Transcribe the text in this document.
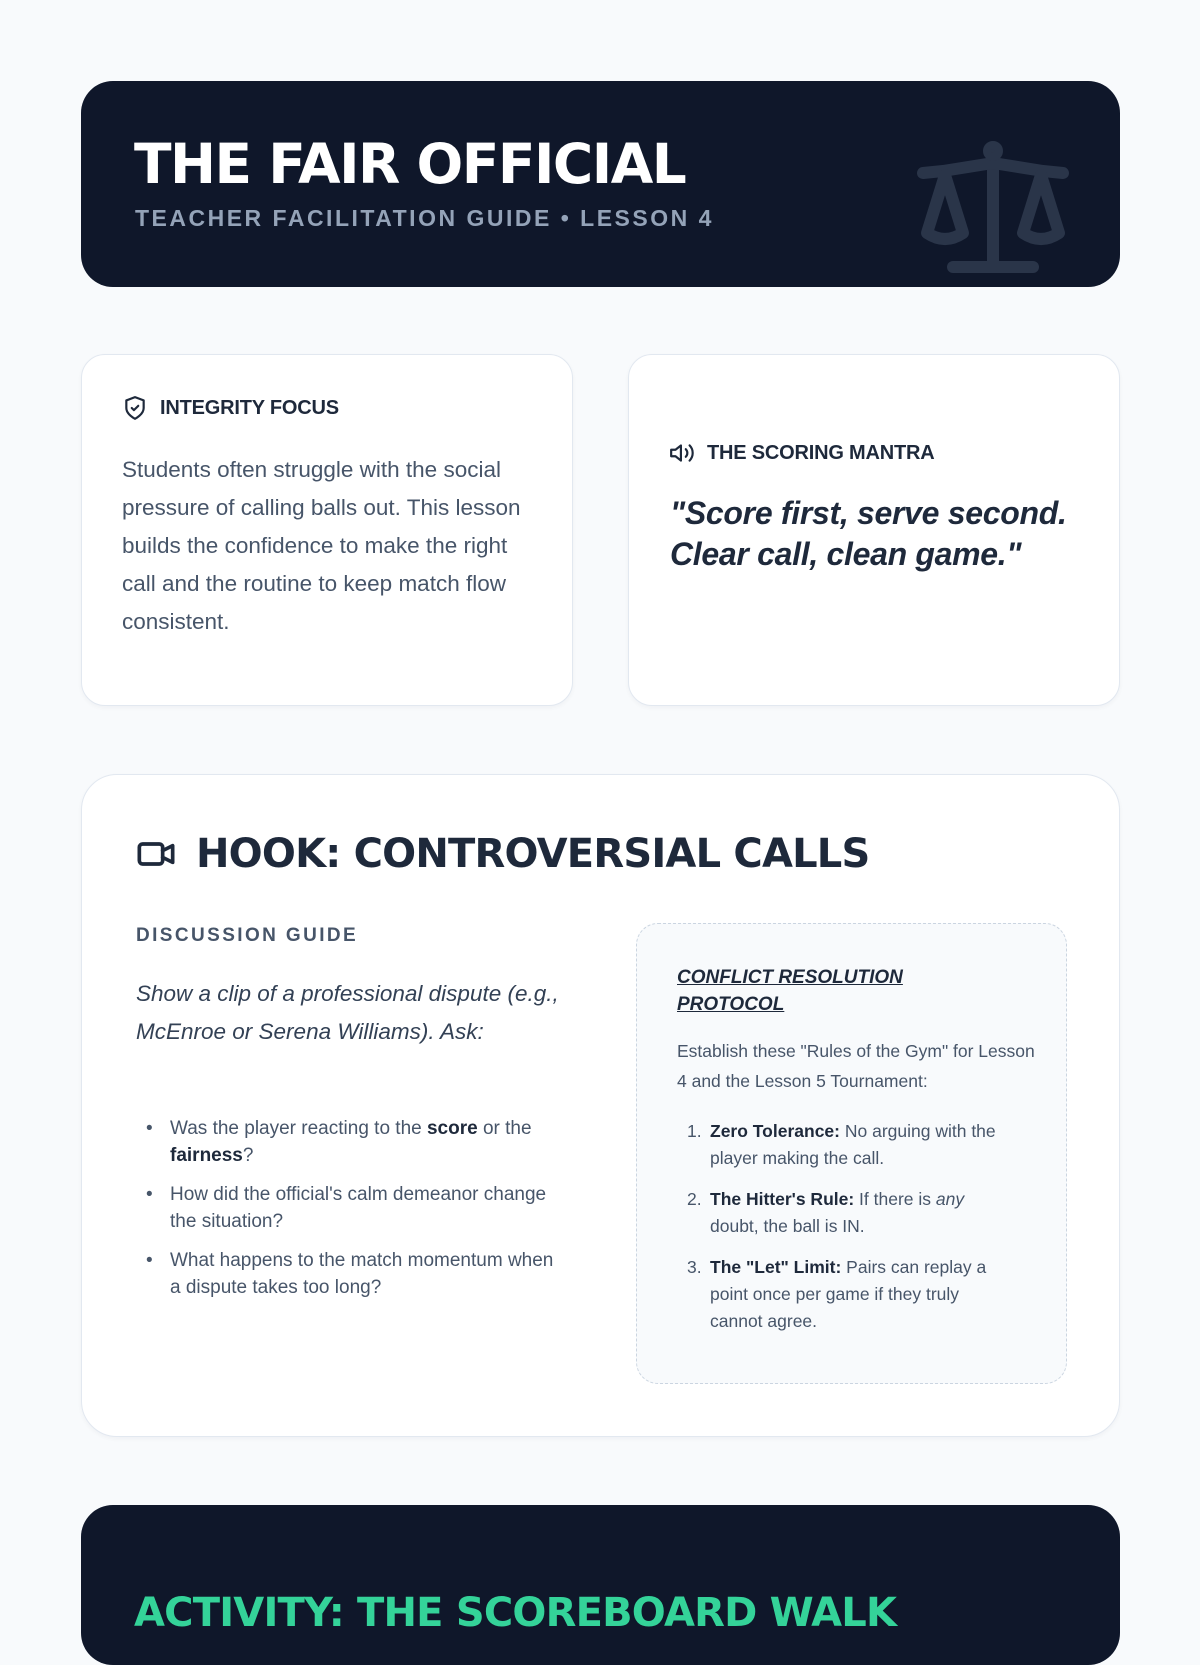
THE FAIR OFFICIAL
TEACHER FACILITATION GUIDE • LESSON 4
INTEGRITY FOCUS

Students often struggle with the social pressure of calling balls out. This lesson builds the confidence to make the right call and the routine to keep match flow consistent.

THE SCORING MANTRA

"Score first, serve second. Clear call, clean game."

HOOK: CONTROVERSIAL CALLS
DISCUSSION GUIDE

Show a clip of a professional dispute (e.g., McEnroe or Serena Williams). Ask:

• Was the player reacting to the score or the fairness?
• How did the official's calm demeanor change the situation?
• What happens to the match momentum when a dispute takes too long?
CONFLICT RESOLUTION PROTOCOL

Establish these "Rules of the Gym" for Lesson 4 and the Lesson 5 Tournament:

1. Zero Tolerance: No arguing with the player making the call.
2. The Hitter's Rule: If there is any doubt, the ball is IN.
3. The "Let" Limit: Pairs can replay a point once per game if they truly cannot agree.
ACTIVITY: THE SCOREBOARD WALK
